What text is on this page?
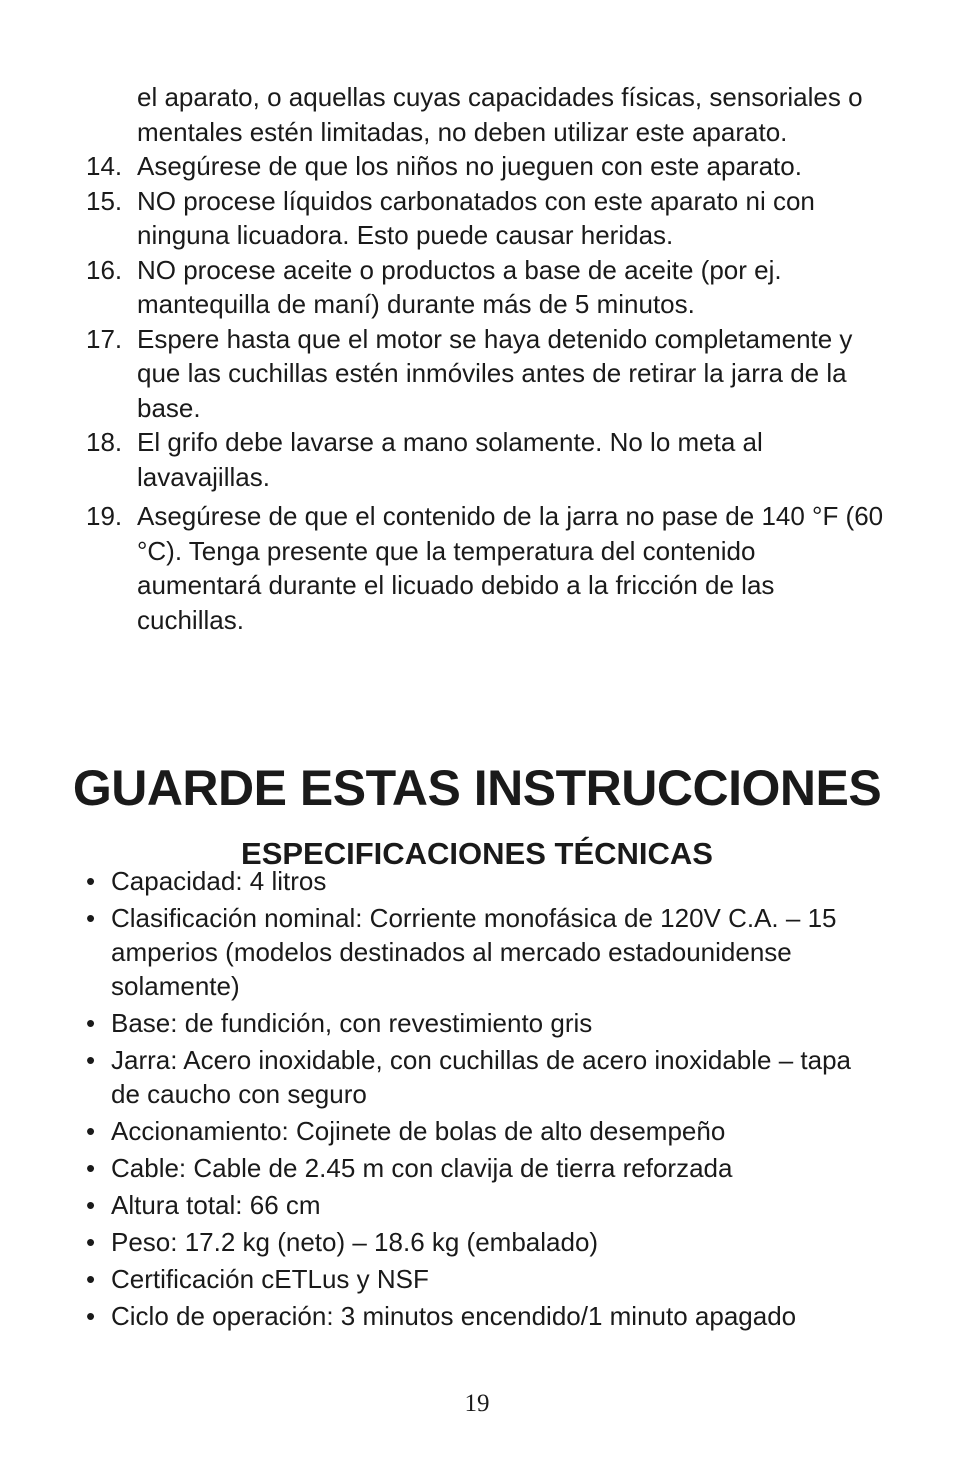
el aparato, o aquellas cuyas capacidades físicas, sensoriales o mentales estén limitadas, no deben utilizar este aparato.
14. Asegúrese de que los niños no jueguen con este aparato.
15. NO procese líquidos carbonatados con este aparato ni con ninguna licuadora. Esto puede causar heridas.
16. NO procese aceite o productos a base de aceite (por ej. mantequilla de maní) durante más de 5 minutos.
17. Espere hasta que el motor se haya detenido completamente y que las cuchillas estén inmóviles antes de retirar la jarra de la base.
18. El grifo debe lavarse a mano solamente. No lo meta al lavavajillas.
19. Asegúrese de que el contenido de la jarra no pase de 140 °F (60 °C). Tenga presente que la temperatura del contenido aumentará durante el licuado debido a la fricción de las cuchillas.
GUARDE ESTAS INSTRUCCIONES
ESPECIFICACIONES TÉCNICAS
• Capacidad: 4 litros
• Clasificación nominal: Corriente monofásica de 120V C.A. – 15 amperios (modelos destinados al mercado estadounidense solamente)
• Base: de fundición, con revestimiento gris
• Jarra: Acero inoxidable, con cuchillas de acero inoxidable – tapa de caucho con seguro
• Accionamiento: Cojinete de bolas de alto desempeño
• Cable: Cable de 2.45 m con clavija de tierra reforzada
• Altura total: 66 cm
• Peso: 17.2 kg (neto) – 18.6 kg (embalado)
• Certificación cETLus y NSF
• Ciclo de operación: 3 minutos encendido/1 minuto apagado
19
